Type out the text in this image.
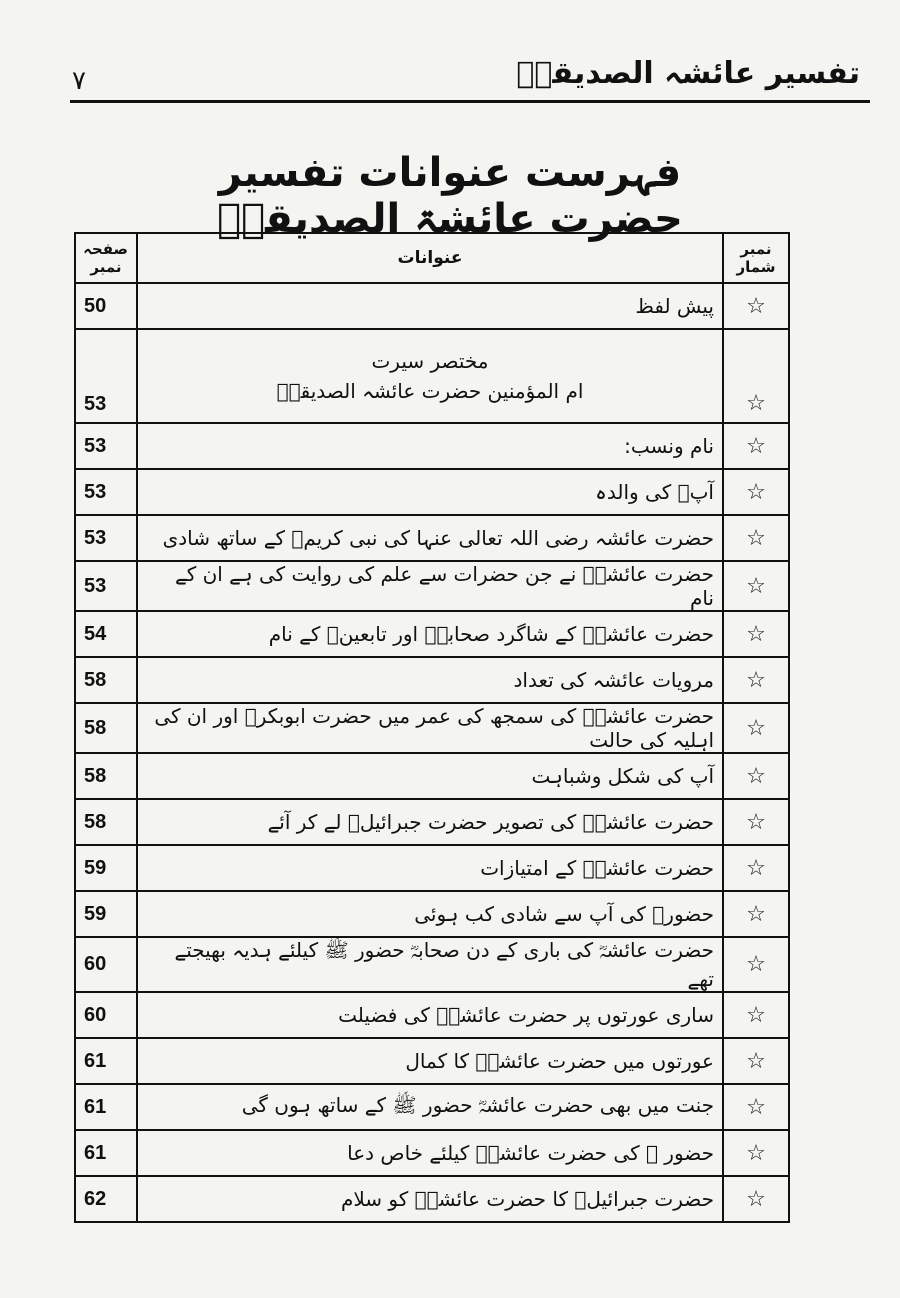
تفسیر عائشہ الصدیقہؓ
۷
فہرست عنوانات تفسیر حضرت عائشۃ الصدیقہؓ
نمبر شمار	عنوانات	صفحہ نمبر
☆	پیش لفظ	50
☆	مختصر سیرت
ام المؤمنین حضرت عائشہ الصدیقہؓ	53
☆	نام ونسب:	53
☆	آپؓ کی والدہ	53
☆	حضرت عائشہ رضی اللہ تعالی عنہا کی نبی کریمؐ کے ساتھ شادی	53
☆	حضرت عائشہؓ نے جن حضرات سے علم کی روایت کی ہے ان کے نام	53
☆	حضرت عائشہؓ کے شاگرد صحابہؓ اور تابعینؒ کے نام	54
☆	مرویات عائشہ کی تعداد	58
☆	حضرت عائشہؓ کی سمجھ کی عمر میں حضرت ابوبکرؓ اور ان کی اہلیہ کی حالت	58
☆	آپ کی شکل وشباہت	58
☆	حضرت عائشہؓ کی تصویر حضرت جبرائیلؑ لے کر آئے	58
☆	حضرت عائشہؓ کے امتیازات	59
☆	حضورؐ کی آپ سے شادی کب ہوئی	59
☆	حضرت عائشہؓ کی باری کے دن صحابہؓ حضور ﷺ کیلئے ہدیہ بھیجتے تھے	60
☆	ساری عورتوں پر حضرت عائشہؓ کی فضیلت	60
☆	عورتوں میں حضرت عائشہؓ کا کمال	61
☆	جنت میں بھی حضرت عائشہؓ حضور ﷺ کے ساتھ ہوں گی	61
☆	حضور ﷺ کی حضرت عائشہؓ کیلئے خاص دعا	61
☆	حضرت جبرائیلؑ کا حضرت عائشہؓ کو سلام	62
